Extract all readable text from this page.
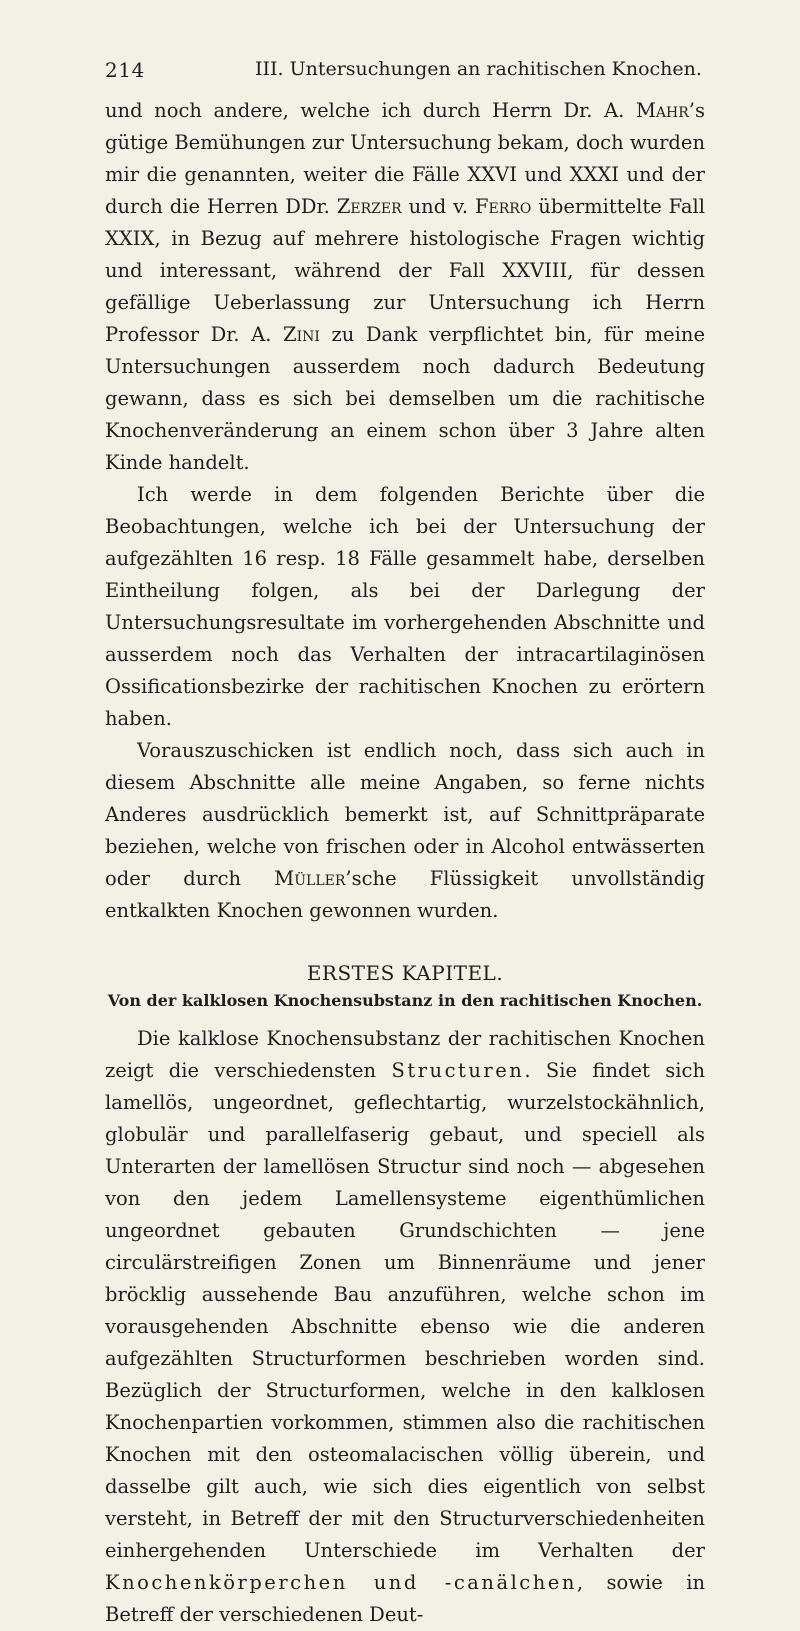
214	III. Untersuchungen an rachitischen Knochen.

und noch andere, welche ich durch Herrn Dr. A. Mahr’s gütige Bemühungen zur Untersuchung bekam, doch wurden mir die genannten, weiter die Fälle XXVI und XXXI und der durch die Herren DDr. Zerzer und v. Ferro übermittelte Fall XXIX, in Bezug auf mehrere histologische Fragen wichtig und interessant, während der Fall XXVIII, für dessen gefällige Ueberlassung zur Untersuchung ich Herrn Professor Dr. A. Zini zu Dank verpflichtet bin, für meine Untersuchungen ausserdem noch dadurch Bedeutung gewann, dass es sich bei demselben um die rachitische Knochenveränderung an einem schon über 3 Jahre alten Kinde handelt.

Ich werde in dem folgenden Berichte über die Beobachtungen, welche ich bei der Untersuchung der aufgezählten 16 resp. 18 Fälle gesammelt habe, derselben Eintheilung folgen, als bei der Darlegung der Untersuchungsresultate im vorhergehenden Abschnitte und ausserdem noch das Verhalten der intracartilaginösen Ossificationsbezirke der rachitischen Knochen zu erörtern haben.

Vorauszuschicken ist endlich noch, dass sich auch in diesem Abschnitte alle meine Angaben, so ferne nichts Anderes ausdrücklich bemerkt ist, auf Schnittpräparate beziehen, welche von frischen oder in Alcohol entwässerten oder durch Müller’sche Flüssigkeit unvollständig entkalkten Knochen gewonnen wurden.

ERSTES KAPITEL.
Von der kalklosen Knochensubstanz in den rachitischen Knochen.

Die kalklose Knochensubstanz der rachitischen Knochen zeigt die verschiedensten Structuren. Sie findet sich lamellös, ungeordnet, geflechtartig, wurzelstockähnlich, globulär und parallelfaserig gebaut, und speciell als Unterarten der lamellösen Structur sind noch — abgesehen von den jedem Lamellensysteme eigenthümlichen ungeordnet gebauten Grundschichten — jene circulärstreifigen Zonen um Binnenräume und jener bröcklig aussehende Bau anzuführen, welche schon im vorausgehenden Abschnitte ebenso wie die anderen aufgezählten Structurformen beschrieben worden sind. Bezüglich der Structurformen, welche in den kalklosen Knochenpartien vorkommen, stimmen also die rachitischen Knochen mit den osteomalacischen völlig überein, und dasselbe gilt auch, wie sich dies eigentlich von selbst versteht, in Betreff der mit den Structurverschiedenheiten einhergehenden Unterschiede im Verhalten der Knochenkörperchen und -canälchen, sowie in Betreff der verschiedenen Deut-
